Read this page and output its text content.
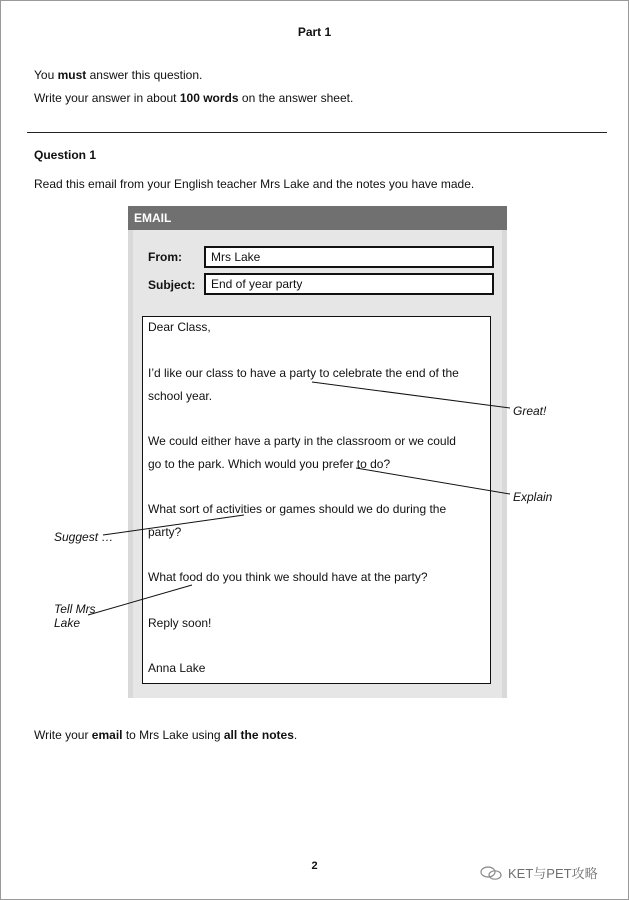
Part 1
You must answer this question.
Write your answer in about 100 words on the answer sheet.
Question 1
Read this email from your English teacher Mrs Lake and the notes you have made.
EMAIL
From:	Mrs Lake
Subject:	End of year party
Dear Class,
I’d like our class to have a party to celebrate the end of the
school year.
We could either have a party in the classroom or we could
go to the park. Which would you prefer to do?
What sort of activities or games should we do during the
party?
What food do you think we should have at the party?
Reply soon!
Anna Lake
Great!
Explain
Suggest …
Tell Mrs
Lake
Write your email to Mrs Lake using all the notes.
2	KET与PET攻略
